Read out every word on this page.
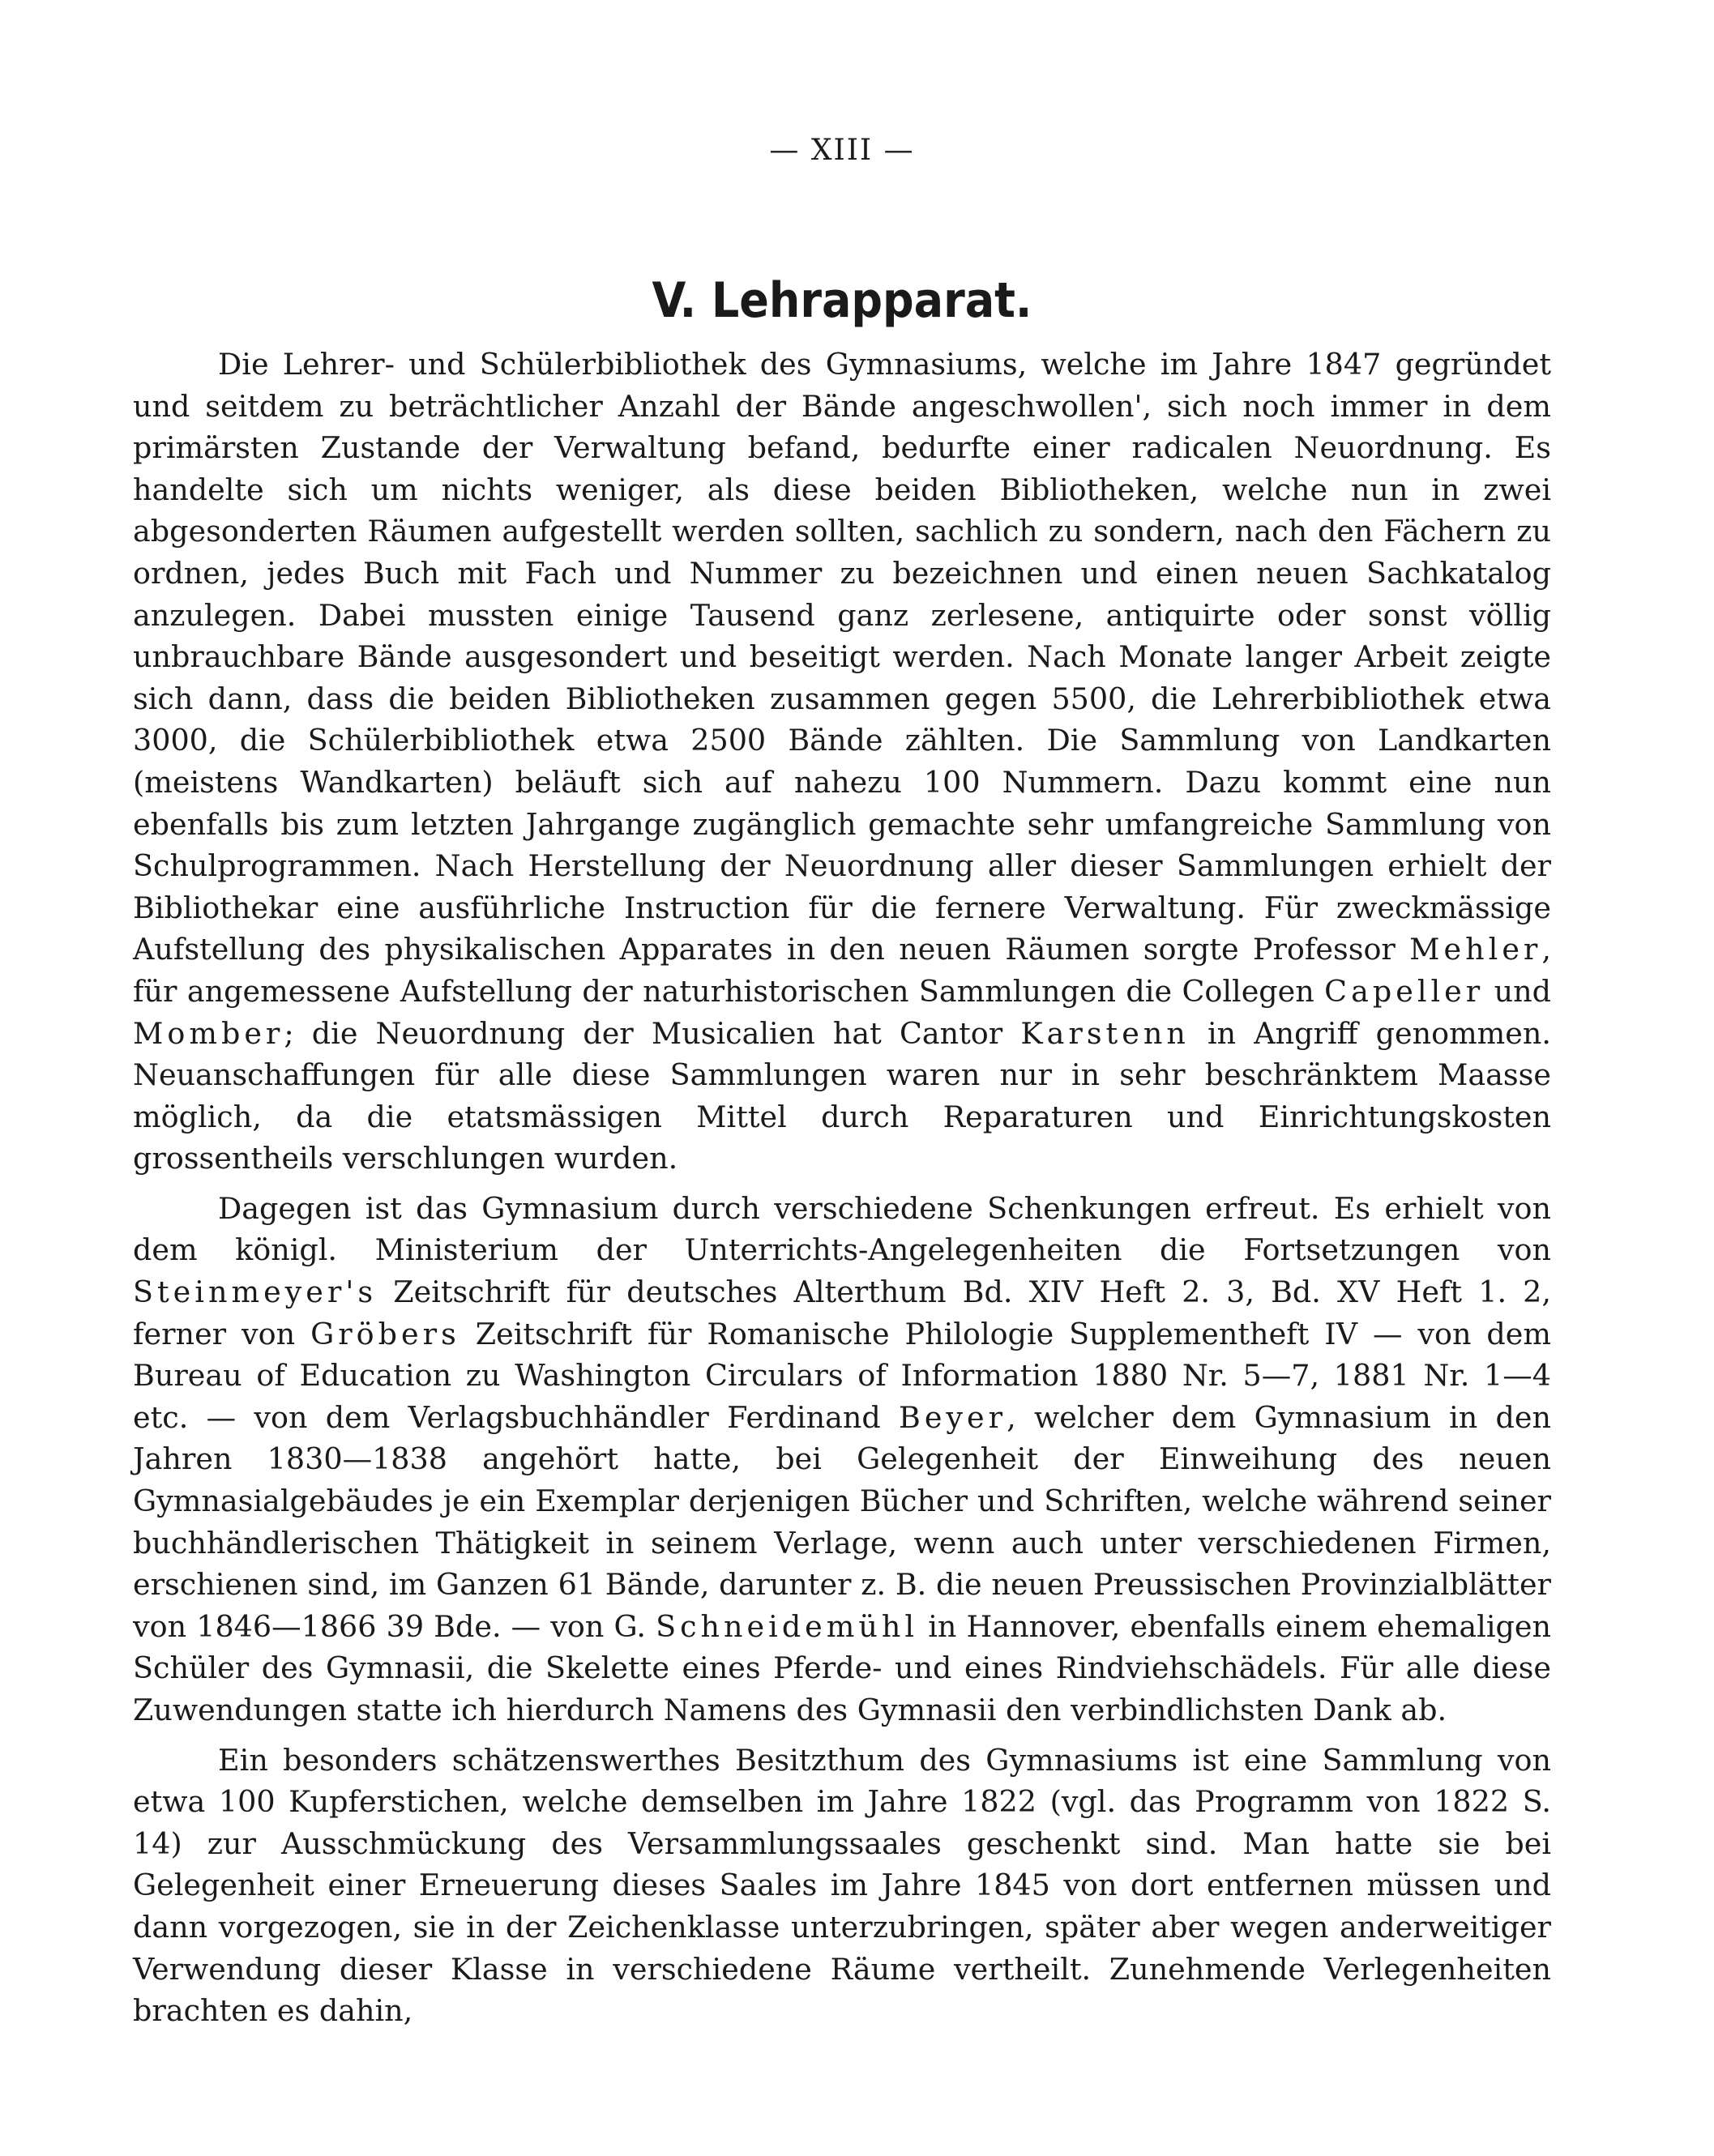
— XIII —
V. Lehrapparat.

Die Lehrer- und Schülerbibliothek des Gymnasiums, welche im Jahre 1847 gegründet und seitdem zu beträchtlicher Anzahl der Bände angeschwollen', sich noch immer in dem primärsten Zustande der Verwaltung befand, bedurfte einer radicalen Neuordnung. Es handelte sich um nichts weniger, als diese beiden Bibliotheken, welche nun in zwei abgesonderten Räumen aufgestellt werden sollten, sachlich zu sondern, nach den Fächern zu ordnen, jedes Buch mit Fach und Nummer zu bezeichnen und einen neuen Sachkatalog anzulegen. Dabei mussten einige Tausend ganz zerlesene, antiquirte oder sonst völlig unbrauchbare Bände ausgesondert und beseitigt werden. Nach Monate langer Arbeit zeigte sich dann, dass die beiden Bibliotheken zusammen gegen 5500, die Lehrerbibliothek etwa 3000, die Schülerbibliothek etwa 2500 Bände zählten. Die Sammlung von Landkarten (meistens Wandkarten) beläuft sich auf nahezu 100 Nummern. Dazu kommt eine nun ebenfalls bis zum letzten Jahrgange zugänglich gemachte sehr umfangreiche Sammlung von Schulprogrammen. Nach Herstellung der Neuordnung aller dieser Sammlungen erhielt der Bibliothekar eine ausführliche Instruction für die fernere Verwaltung. Für zweckmässige Aufstellung des physikalischen Apparates in den neuen Räumen sorgte Professor Mehler, für angemessene Aufstellung der naturhistorischen Sammlungen die Collegen Capeller und Momber; die Neuordnung der Musicalien hat Cantor Karstenn in Angriff genommen. Neuanschaffungen für alle diese Sammlungen waren nur in sehr beschränktem Maasse möglich, da die etatsmässigen Mittel durch Reparaturen und Einrichtungskosten grossentheils verschlungen wurden.

Dagegen ist das Gymnasium durch verschiedene Schenkungen erfreut. Es erhielt von dem königl. Ministerium der Unterrichts-Angelegenheiten die Fortsetzungen von Steinmeyer's Zeitschrift für deutsches Alterthum Bd. XIV Heft 2. 3, Bd. XV Heft 1. 2, ferner von Gröbers Zeitschrift für Romanische Philologie Supplementheft IV — von dem Bureau of Education zu Washington Circulars of Information 1880 Nr. 5—7, 1881 Nr. 1—4 etc. — von dem Verlagsbuchhändler Ferdinand Beyer, welcher dem Gymnasium in den Jahren 1830—1838 angehört hatte, bei Gelegenheit der Einweihung des neuen Gymnasialgebäudes je ein Exemplar derjenigen Bücher und Schriften, welche während seiner buchhändlerischen Thätigkeit in seinem Verlage, wenn auch unter verschiedenen Firmen, erschienen sind, im Ganzen 61 Bände, darunter z. B. die neuen Preussischen Provinzialblätter von 1846—1866 39 Bde. — von G. Schneidemühl in Hannover, ebenfalls einem ehemaligen Schüler des Gymnasii, die Skelette eines Pferde- und eines Rindviehschädels. Für alle diese Zuwendungen statte ich hierdurch Namens des Gymnasii den verbindlichsten Dank ab.

Ein besonders schätzenswerthes Besitzthum des Gymnasiums ist eine Sammlung von etwa 100 Kupferstichen, welche demselben im Jahre 1822 (vgl. das Programm von 1822 S. 14) zur Ausschmückung des Versammlungssaales geschenkt sind. Man hatte sie bei Gelegenheit einer Erneuerung dieses Saales im Jahre 1845 von dort entfernen müssen und dann vorgezogen, sie in der Zeichenklasse unterzubringen, später aber wegen anderweitiger Verwendung dieser Klasse in verschiedene Räume vertheilt. Zunehmende Verlegenheiten brachten es dahin,
